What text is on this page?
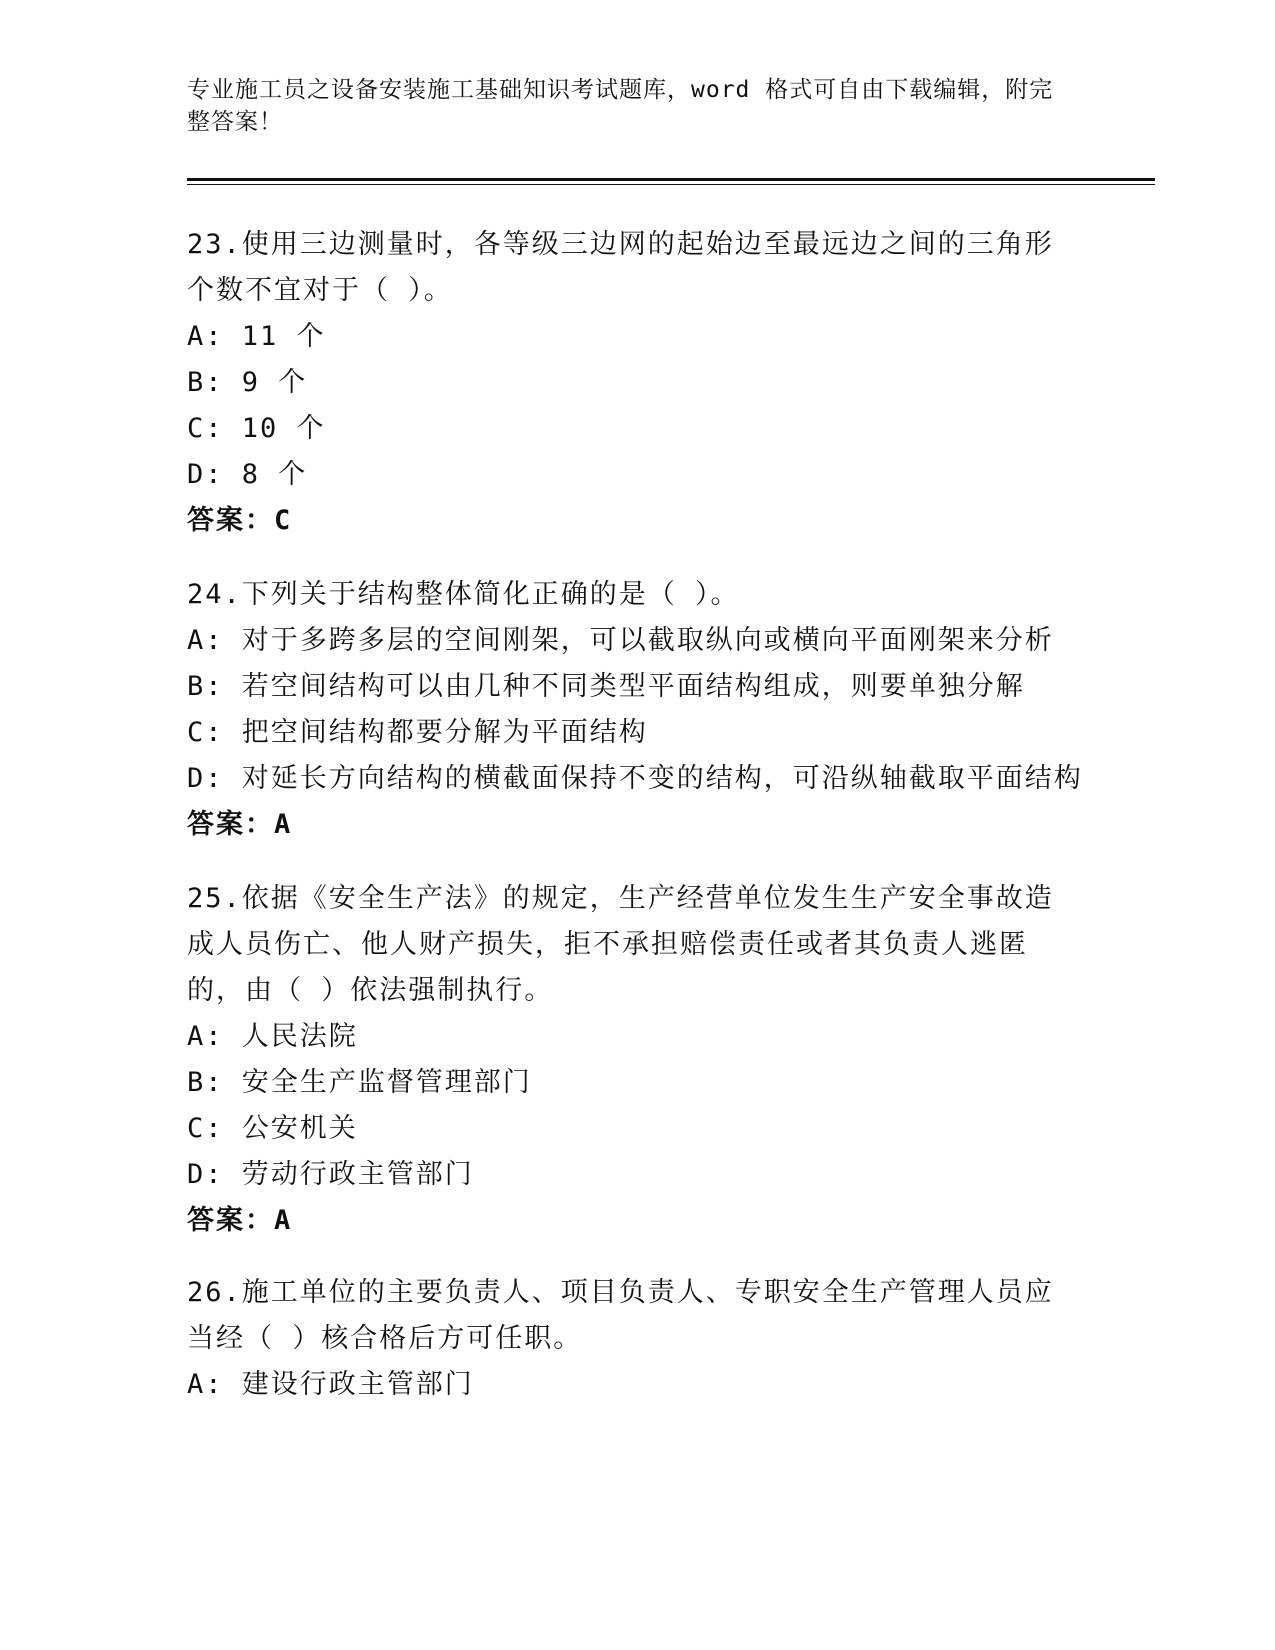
专业施工员之设备安装施工基础知识考试题库，word 格式可自由下载编辑，附完整答案！
23.使用三边测量时，各等级三边网的起始边至最远边之间的三角形个数不宜对于（ ）。
A: 11 个
B: 9 个
C: 10 个
D: 8 个
答案：C
24.下列关于结构整体简化正确的是（ ）。
A: 对于多跨多层的空间刚架，可以截取纵向或横向平面刚架来分析
B: 若空间结构可以由几种不同类型平面结构组成，则要单独分解
C: 把空间结构都要分解为平面结构
D: 对延长方向结构的横截面保持不变的结构，可沿纵轴截取平面结构
答案：A
25.依据《安全生产法》的规定，生产经营单位发生生产安全事故造成人员伤亡、他人财产损失，拒不承担赔偿责任或者其负责人逃匿的，由（ ）依法强制执行。
A: 人民法院
B: 安全生产监督管理部门
C: 公安机关
D: 劳动行政主管部门
答案：A
26.施工单位的主要负责人、项目负责人、专职安全生产管理人员应当经（ ）核合格后方可任职。
A: 建设行政主管部门
